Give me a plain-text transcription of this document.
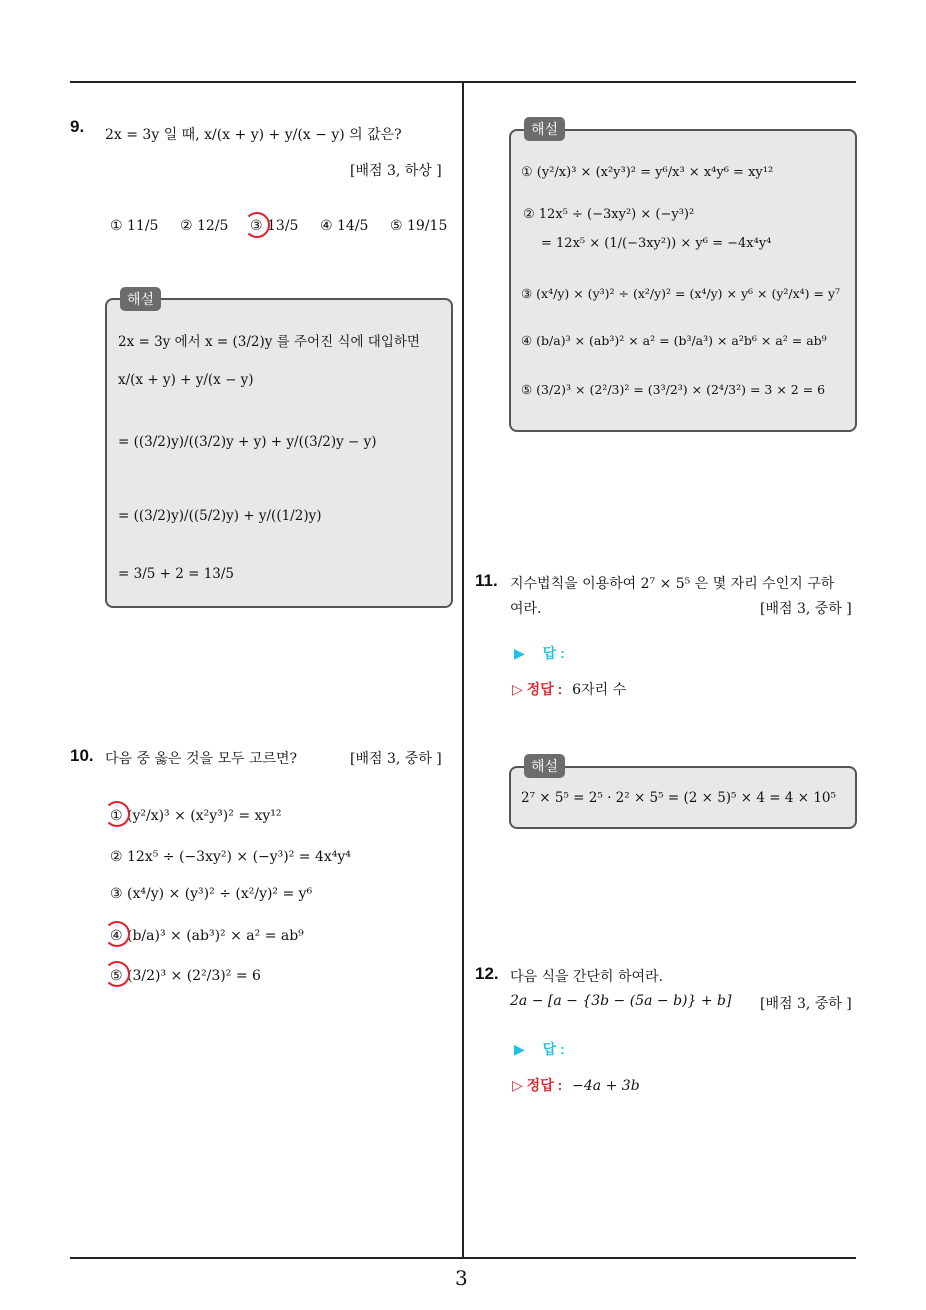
3
9. 2x = 3y 일 때, x/(x + y) + y/(x − y) 의 값은?
[배점 3, 하상 ]
① 11/5 ② 12/5 ③ 13/5 ④ 14/5 ⑤ 19/15
해설
2x = 3y 에서 x = (3/2)y 를 주어진 식에 대입하면
x/(x + y) + y/(x − y)
= ((3/2)y)/((3/2)y + y) + y/((3/2)y − y)
= ((3/2)y)/((5/2)y) + y/((1/2)y)
= 3/5 + 2 = 13/5
10. 다음 중 옳은 것을 모두 고르면?	[배점 3, 중하 ]
① (y²/x)³ × (x²y³)² = xy¹²
② 12x⁵ ÷ (−3xy²) × (−y³)² = 4x⁴y⁴
③ (x⁴/y) × (y³)² ÷ (x²/y)² = y⁶
④ (b/a)³ × (ab³)² × a² = ab⁹
⑤ (3/2)³ × (2²/3)² = 6
해설
① (y²/x)³ × (x²y³)² = y⁶/x³ × x⁴y⁶ = xy¹²
② 12x⁵ ÷ (−3xy²) × (−y³)²
= 12x⁵ × (1/(−3xy²)) × y⁶ = −4x⁴y⁴
③ (x⁴/y) × (y³)² ÷ (x²/y)² = (x⁴/y) × y⁶ × (y²/x⁴) = y⁷
④ (b/a)³ × (ab³)² × a² = (b³/a³) × a²b⁶ × a² = ab⁹
⑤ (3/2)³ × (2²/3)² = (3³/2³) × (2⁴/3²) = 3 × 2 = 6
11. 지수법칙을 이용하여 2⁷ × 5⁵ 은 몇 자리 수인지 구하
여라.	[배점 3, 중하 ]
▶ 답 :
▷ 정답 : 6자리 수
해설
2⁷ × 5⁵ = 2⁵ · 2² × 5⁵ = (2 × 5)⁵ × 4 = 4 × 10⁵
12. 다음 식을 간단히 하여라.
2a − [a − {3b − (5a − b)} + b] [배점 3, 중하 ]
▶ 답 :
▷ 정답 : −4a + 3b
